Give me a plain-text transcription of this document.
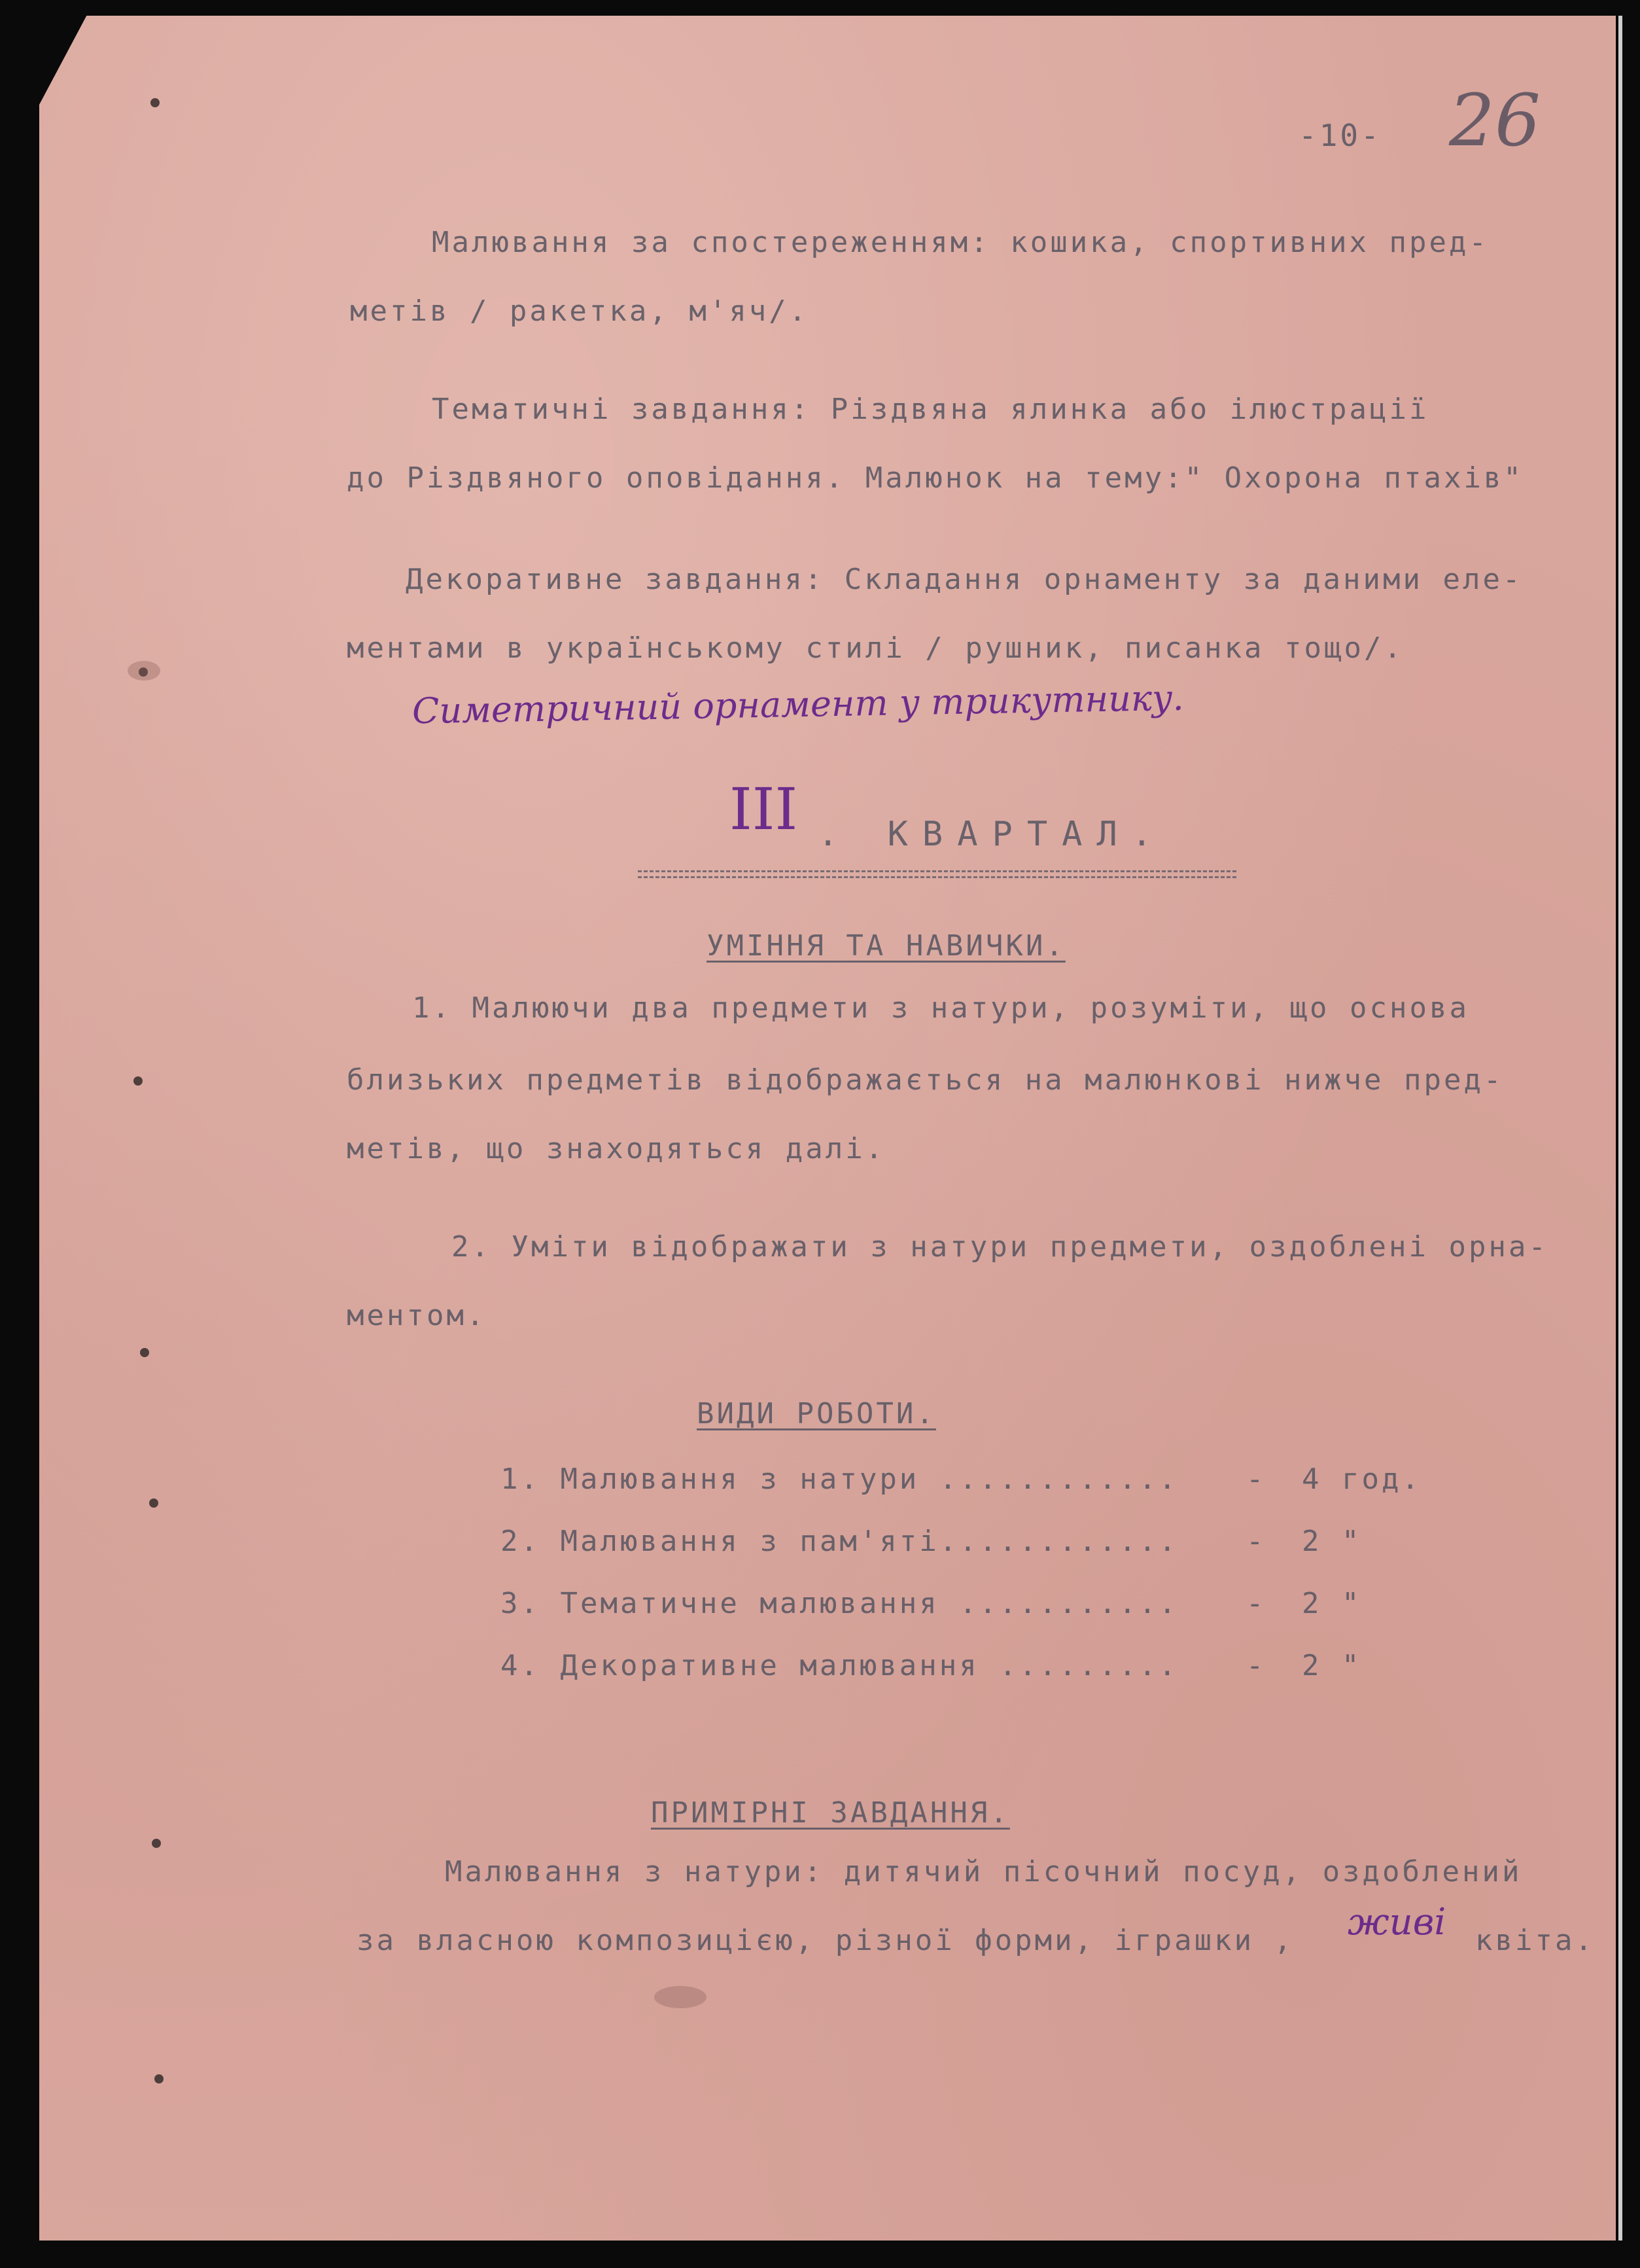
-10- 26
Малювання за спостереженням: кошика, спортивних пред-
метів / ракетка, м'яч/.
Тематичні завдання: Різдвяна ялинка або ілюстрації
до Різдвяного оповідання. Малюнок на тему:" Охорона птахів"
Декоративне завдання: Складання орнаменту за даними еле-
ментами в українському стилі / рушник, писанка тощо/.
Симетричний орнамент у трикутнику.
III . КВАРТАЛ.
УМІННЯ ТА НАВИЧКИ.
1. Малюючи два предмети з натури, розуміти, що основа
близьких предметів відображається на малюнкові нижче пред-
метів, що знаходяться далі.
2. Уміти відображати з натури предмети, оздоблені орна-
ментом.
ВИДИ РОБОТИ.
1. Малювання з натури ............ - 4 год.
2. Малювання з пам'яті............ - 2 "
3. Тематичне малювання ........... - 2 "
4. Декоративне малювання ......... - 2 "
ПРИМІРНІ ЗАВДАННЯ.
Малювання з натури: дитячий пісочний посуд, оздоблений
за власною композицією, різної форми, іграшки , живі квіта.
